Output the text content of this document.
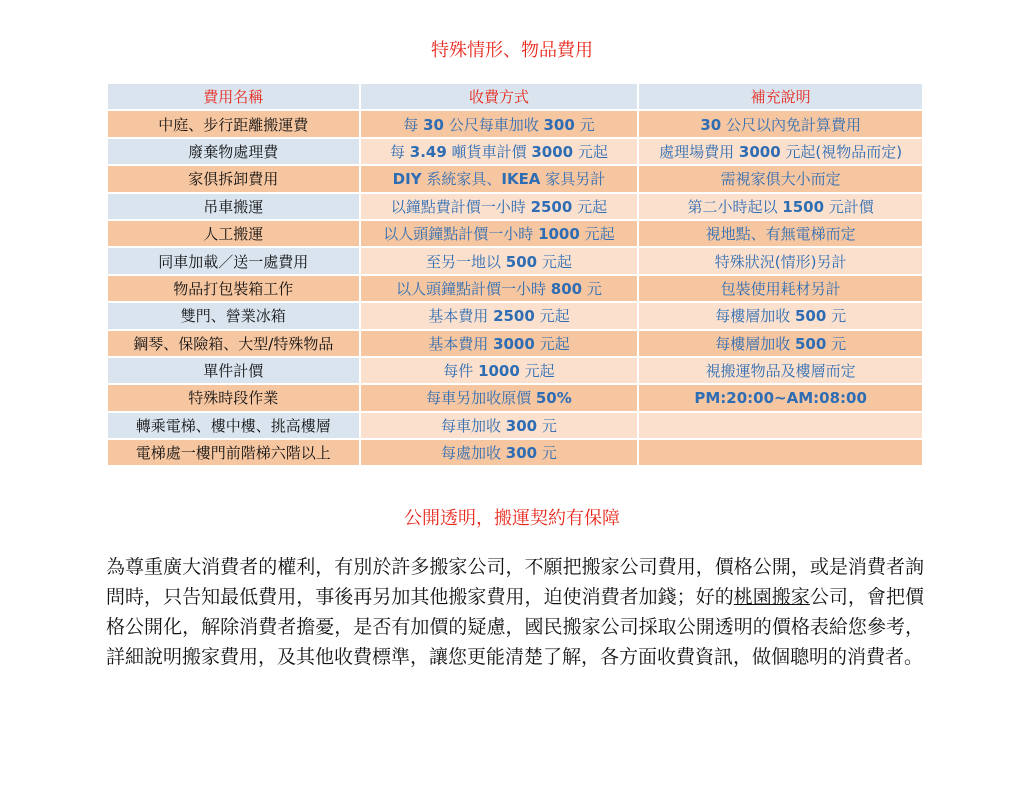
特殊情形、物品費用
費用名稱	收費方式	補充說明
中庭、步行距離搬運費	每 30 公尺每車加收 300 元	30 公尺以內免計算費用
廢棄物處理費	每 3.49 噸貨車計價 3000 元起	處理場費用 3000 元起(視物品而定)
家俱拆卸費用	DIY 系統家具、IKEA 家具另計	需視家俱大小而定
吊車搬運	以鐘點費計價一小時 2500 元起	第二小時起以 1500 元計價
人工搬運	以人頭鐘點計價一小時 1000 元起	視地點、有無電梯而定
同車加載／送一處費用	至另一地以 500 元起	特殊狀況(情形)另計
物品打包裝箱工作	以人頭鐘點計價一小時 800 元	包裝使用耗材另計
雙門、營業冰箱	基本費用 2500 元起	每樓層加收 500 元
鋼琴、保險箱、大型/特殊物品	基本費用 3000 元起	每樓層加收 500 元
單件計價	每件 1000 元起	視搬運物品及樓層而定
特殊時段作業	每車另加收原價 50%	PM:20:00~AM:08:00
轉乘電梯、樓中樓、挑高樓層	每車加收 300 元	
電梯處一樓門前階梯六階以上	每處加收 300 元	
公開透明，搬運契約有保障
為尊重廣大消費者的權利，有別於許多搬家公司，不願把搬家公司費用，價格公開，或是消費者詢問時，只告知最低費用，事後再另加其他搬家費用，迫使消費者加錢；好的桃園搬家公司，會把價格公開化，解除消費者擔憂，是否有加價的疑慮，國民搬家公司採取公開透明的價格表給您參考，詳細說明搬家費用，及其他收費標準，讓您更能清楚了解，各方面收費資訊，做個聰明的消費者。
